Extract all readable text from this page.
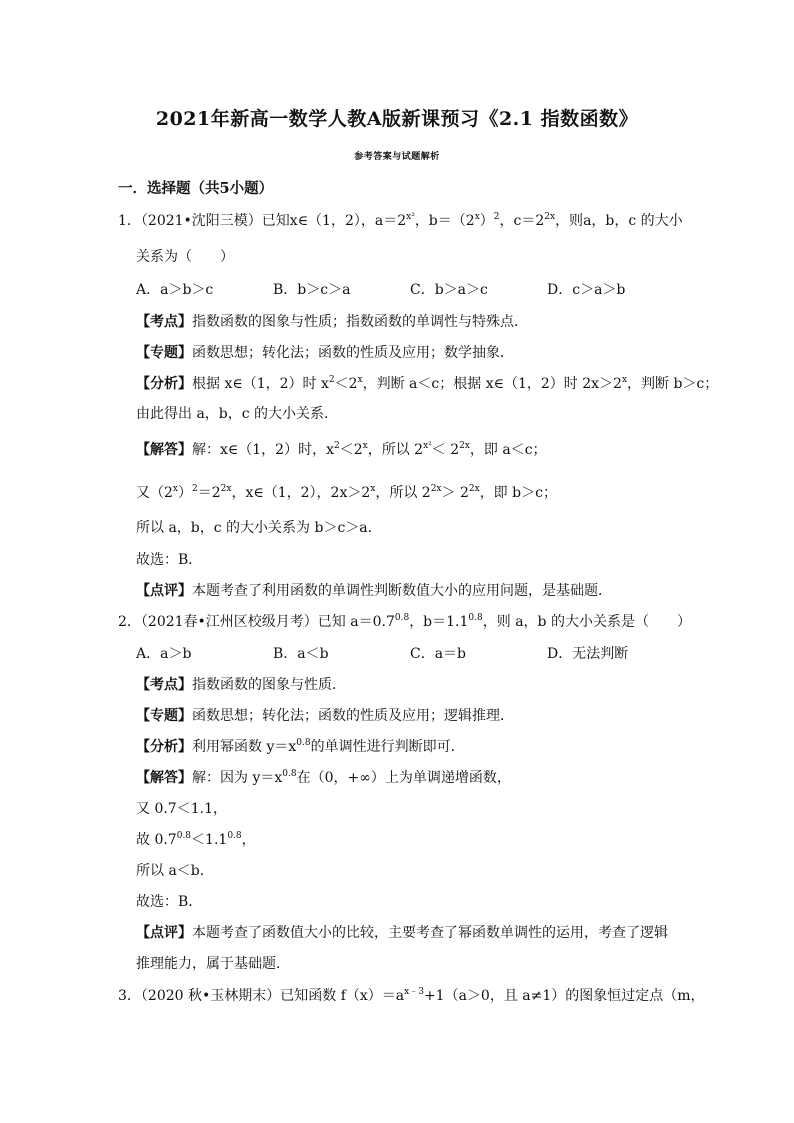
2021年新高一数学人教A版新课预习《2.1 指数函数》
参考答案与试题解析
一．选择题（共5小题）
1．（2021•沈阳三模）已知x∈（1，2），$a=2^{x^2}$，$b=(2^x)^2$，$c=2^{2x}$，则a，b，c 的大小
关系为（　　）
A．a＞b＞c	B．b＞c＞a	C．b＞a＞c	D．c＞a＞b
【考点】指数函数的图象与性质；指数函数的单调性与特殊点．
【专题】函数思想；转化法；函数的性质及应用；数学抽象．
【分析】根据 x∈（1，2）时 $x^2<2^x$，判断 a＜c；根据 x∈（1，2）时 $2x>2^x$，判断 b＞c；
由此得出 a，b，c 的大小关系．
【解答】解：x∈（1，2）时，$x^2<2^x$，所以 $2^{x^2}< 2^{2x}$，即 a＜c；
又$(2^x)^2=2^{2x}$，x∈（1，2），$2x>2^x$，所以 $2^{2x}> 2^{2x}$，即 b＞c；
所以 a，b，c 的大小关系为 b＞c＞a．
故选：B．
【点评】本题考查了利用函数的单调性判断数值大小的应用问题，是基础题．
2．（2021春•江州区校级月考）已知 $a=0.7^{0.8}$，$b=1.1^{0.8}$，则 a，b 的大小关系是（　　）
A．a＞b	B．a＜b	C．a＝b	D．无法判断
【考点】指数函数的图象与性质．
【专题】函数思想；转化法；函数的性质及应用；逻辑推理．
【分析】利用幂函数 $y=x^{0.8}$的单调性进行判断即可．
【解答】解：因为 $y=x^{0.8}$在（0，+∞）上为单调递增函数，
又 0.7＜1.1，
故 $0.7^{0.8}<1.1^{0.8}$，
所以 a＜b．
故选：B．
【点评】本题考查了函数值大小的比较，主要考查了幂函数单调性的运用，考查了逻辑
推理能力，属于基础题．
3．（2020 秋•玉林期末）已知函数 $f(x)=a^{x﹣3}+1(a>0$，且 a≠1）的图象恒过定点（m，
